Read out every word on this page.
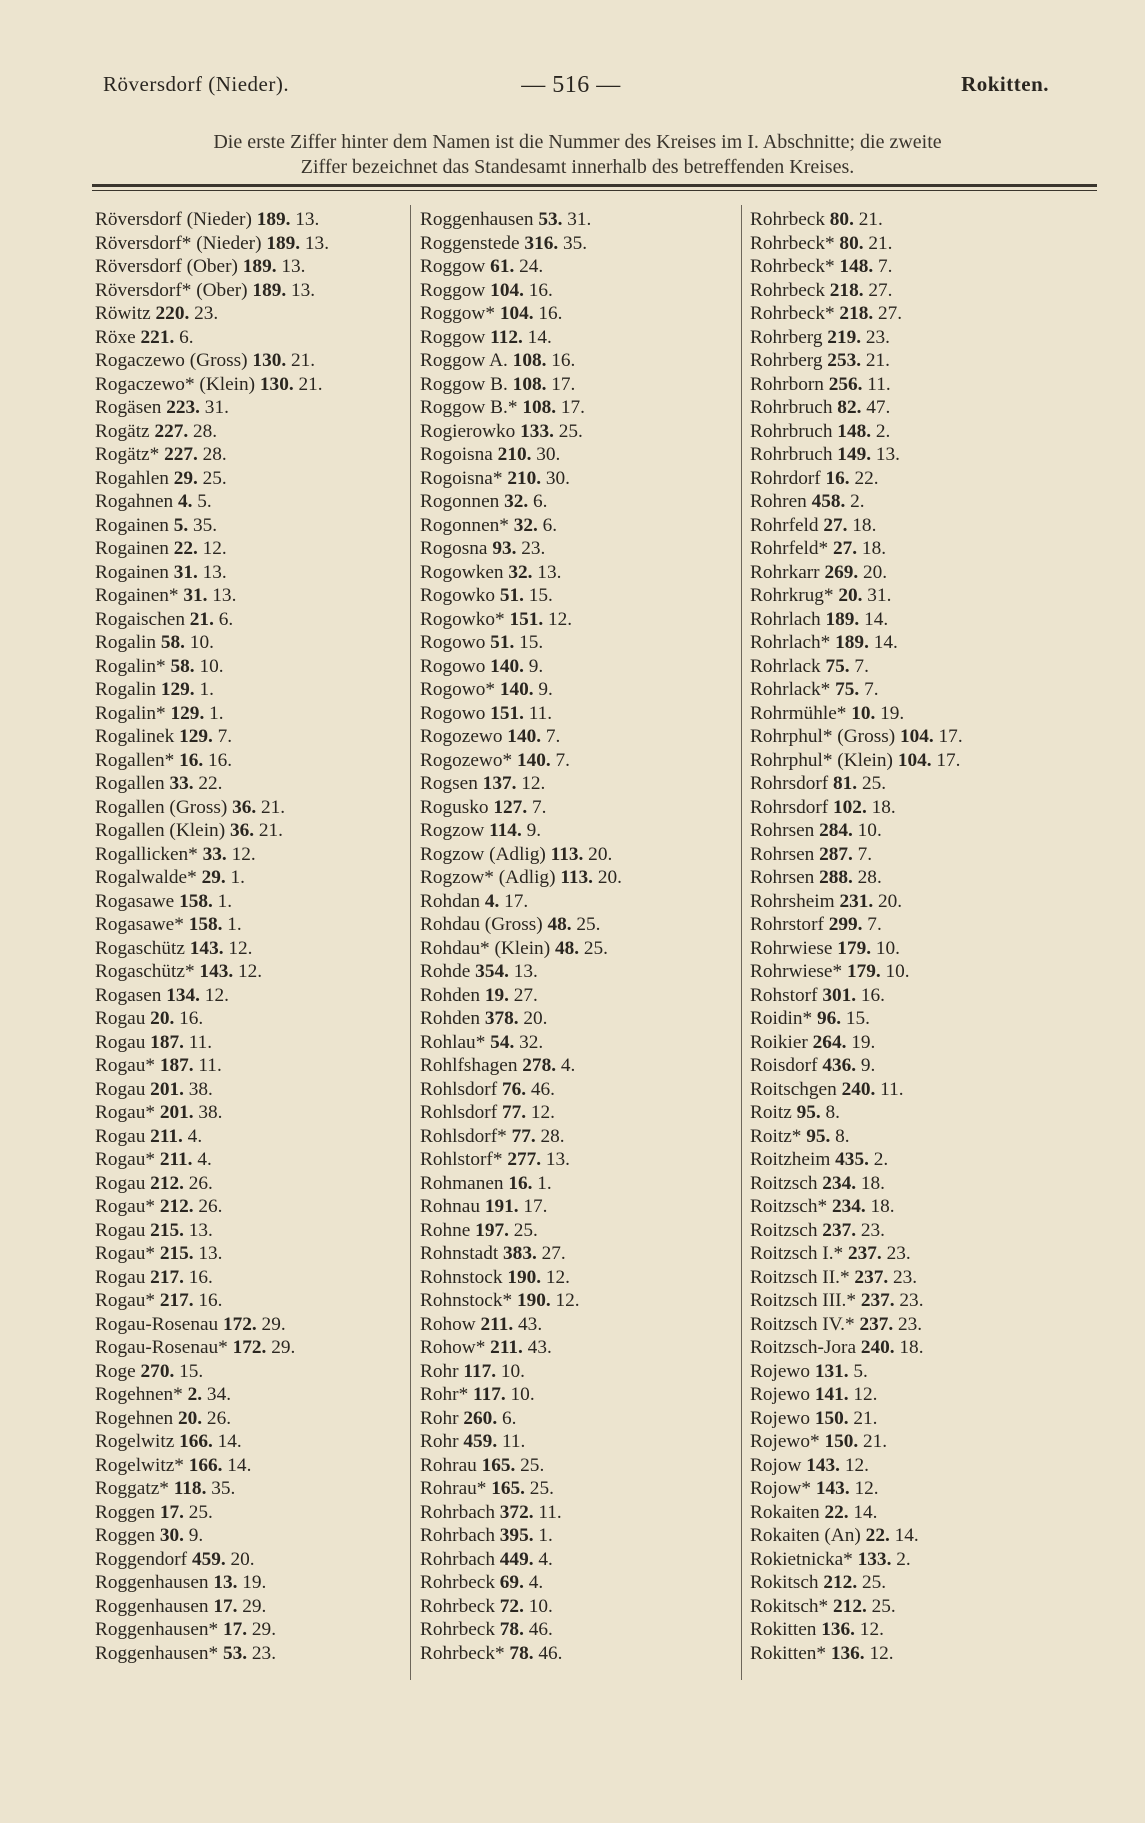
Röversdorf (Nieder).	— 516 —	Rokitten.
Die erste Ziffer hinter dem Namen ist die Nummer des Kreises im I. Abschnitte; die zweite
Ziffer bezeichnet das Standesamt innerhalb des betreffenden Kreises.
Röversdorf (Nieder) 189. 13.
Röversdorf* (Nieder) 189. 13.
Röversdorf (Ober) 189. 13.
Röversdorf* (Ober) 189. 13.
Röwitz 220. 23.
Röxe 221. 6.
Rogaczewo (Gross) 130. 21.
Rogaczewo* (Klein) 130. 21.
Rogäsen 223. 31.
Rogätz 227. 28.
Rogätz* 227. 28.
Rogahlen 29. 25.
Rogahnen 4. 5.
Rogainen 5. 35.
Rogainen 22. 12.
Rogainen 31. 13.
Rogainen* 31. 13.
Rogaischen 21. 6.
Rogalin 58. 10.
Rogalin* 58. 10.
Rogalin 129. 1.
Rogalin* 129. 1.
Rogalinek 129. 7.
Rogallen* 16. 16.
Rogallen 33. 22.
Rogallen (Gross) 36. 21.
Rogallen (Klein) 36. 21.
Rogallicken* 33. 12.
Rogalwalde* 29. 1.
Rogasawe 158. 1.
Rogasawe* 158. 1.
Rogaschütz 143. 12.
Rogaschütz* 143. 12.
Rogasen 134. 12.
Rogau 20. 16.
Rogau 187. 11.
Rogau* 187. 11.
Rogau 201. 38.
Rogau* 201. 38.
Rogau 211. 4.
Rogau* 211. 4.
Rogau 212. 26.
Rogau* 212. 26.
Rogau 215. 13.
Rogau* 215. 13.
Rogau 217. 16.
Rogau* 217. 16.
Rogau-Rosenau 172. 29.
Rogau-Rosenau* 172. 29.
Roge 270. 15.
Rogehnen* 2. 34.
Rogehnen 20. 26.
Rogelwitz 166. 14.
Rogelwitz* 166. 14.
Roggatz* 118. 35.
Roggen 17. 25.
Roggen 30. 9.
Roggendorf 459. 20.
Roggenhausen 13. 19.
Roggenhausen 17. 29.
Roggenhausen* 17. 29.
Roggenhausen* 53. 23.
Roggenhausen 53. 31.
Roggenstede 316. 35.
Roggow 61. 24.
Roggow 104. 16.
Roggow* 104. 16.
Roggow 112. 14.
Roggow A. 108. 16.
Roggow B. 108. 17.
Roggow B.* 108. 17.
Rogierowko 133. 25.
Rogoisna 210. 30.
Rogoisna* 210. 30.
Rogonnen 32. 6.
Rogonnen* 32. 6.
Rogosna 93. 23.
Rogowken 32. 13.
Rogowko 51. 15.
Rogowko* 151. 12.
Rogowo 51. 15.
Rogowo 140. 9.
Rogowo* 140. 9.
Rogowo 151. 11.
Rogozewo 140. 7.
Rogozewo* 140. 7.
Rogsen 137. 12.
Rogusko 127. 7.
Rogzow 114. 9.
Rogzow (Adlig) 113. 20.
Rogzow* (Adlig) 113. 20.
Rohdan 4. 17.
Rohdau (Gross) 48. 25.
Rohdau* (Klein) 48. 25.
Rohde 354. 13.
Rohden 19. 27.
Rohden 378. 20.
Rohlau* 54. 32.
Rohlfshagen 278. 4.
Rohlsdorf 76. 46.
Rohlsdorf 77. 12.
Rohlsdorf* 77. 28.
Rohlstorf* 277. 13.
Rohmanen 16. 1.
Rohnau 191. 17.
Rohne 197. 25.
Rohnstadt 383. 27.
Rohnstock 190. 12.
Rohnstock* 190. 12.
Rohow 211. 43.
Rohow* 211. 43.
Rohr 117. 10.
Rohr* 117. 10.
Rohr 260. 6.
Rohr 459. 11.
Rohrau 165. 25.
Rohrau* 165. 25.
Rohrbach 372. 11.
Rohrbach 395. 1.
Rohrbach 449. 4.
Rohrbeck 69. 4.
Rohrbeck 72. 10.
Rohrbeck 78. 46.
Rohrbeck* 78. 46.
Rohrbeck 80. 21.
Rohrbeck* 80. 21.
Rohrbeck* 148. 7.
Rohrbeck 218. 27.
Rohrbeck* 218. 27.
Rohrberg 219. 23.
Rohrberg 253. 21.
Rohrborn 256. 11.
Rohrbruch 82. 47.
Rohrbruch 148. 2.
Rohrbruch 149. 13.
Rohrdorf 16. 22.
Rohren 458. 2.
Rohrfeld 27. 18.
Rohrfeld* 27. 18.
Rohrkarr 269. 20.
Rohrkrug* 20. 31.
Rohrlach 189. 14.
Rohrlach* 189. 14.
Rohrlack 75. 7.
Rohrlack* 75. 7.
Rohrmühle* 10. 19.
Rohrphul* (Gross) 104. 17.
Rohrphul* (Klein) 104. 17.
Rohrsdorf 81. 25.
Rohrsdorf 102. 18.
Rohrsen 284. 10.
Rohrsen 287. 7.
Rohrsen 288. 28.
Rohrsheim 231. 20.
Rohrstorf 299. 7.
Rohrwiese 179. 10.
Rohrwiese* 179. 10.
Rohstorf 301. 16.
Roidin* 96. 15.
Roikier 264. 19.
Roisdorf 436. 9.
Roitschgen 240. 11.
Roitz 95. 8.
Roitz* 95. 8.
Roitzheim 435. 2.
Roitzsch 234. 18.
Roitzsch* 234. 18.
Roitzsch 237. 23.
Roitzsch I.* 237. 23.
Roitzsch II.* 237. 23.
Roitzsch III.* 237. 23.
Roitzsch IV.* 237. 23.
Roitzsch-Jora 240. 18.
Rojewo 131. 5.
Rojewo 141. 12.
Rojewo 150. 21.
Rojewo* 150. 21.
Rojow 143. 12.
Rojow* 143. 12.
Rokaiten 22. 14.
Rokaiten (An) 22. 14.
Rokietnicka* 133. 2.
Rokitsch 212. 25.
Rokitsch* 212. 25.
Rokitten 136. 12.
Rokitten* 136. 12.
